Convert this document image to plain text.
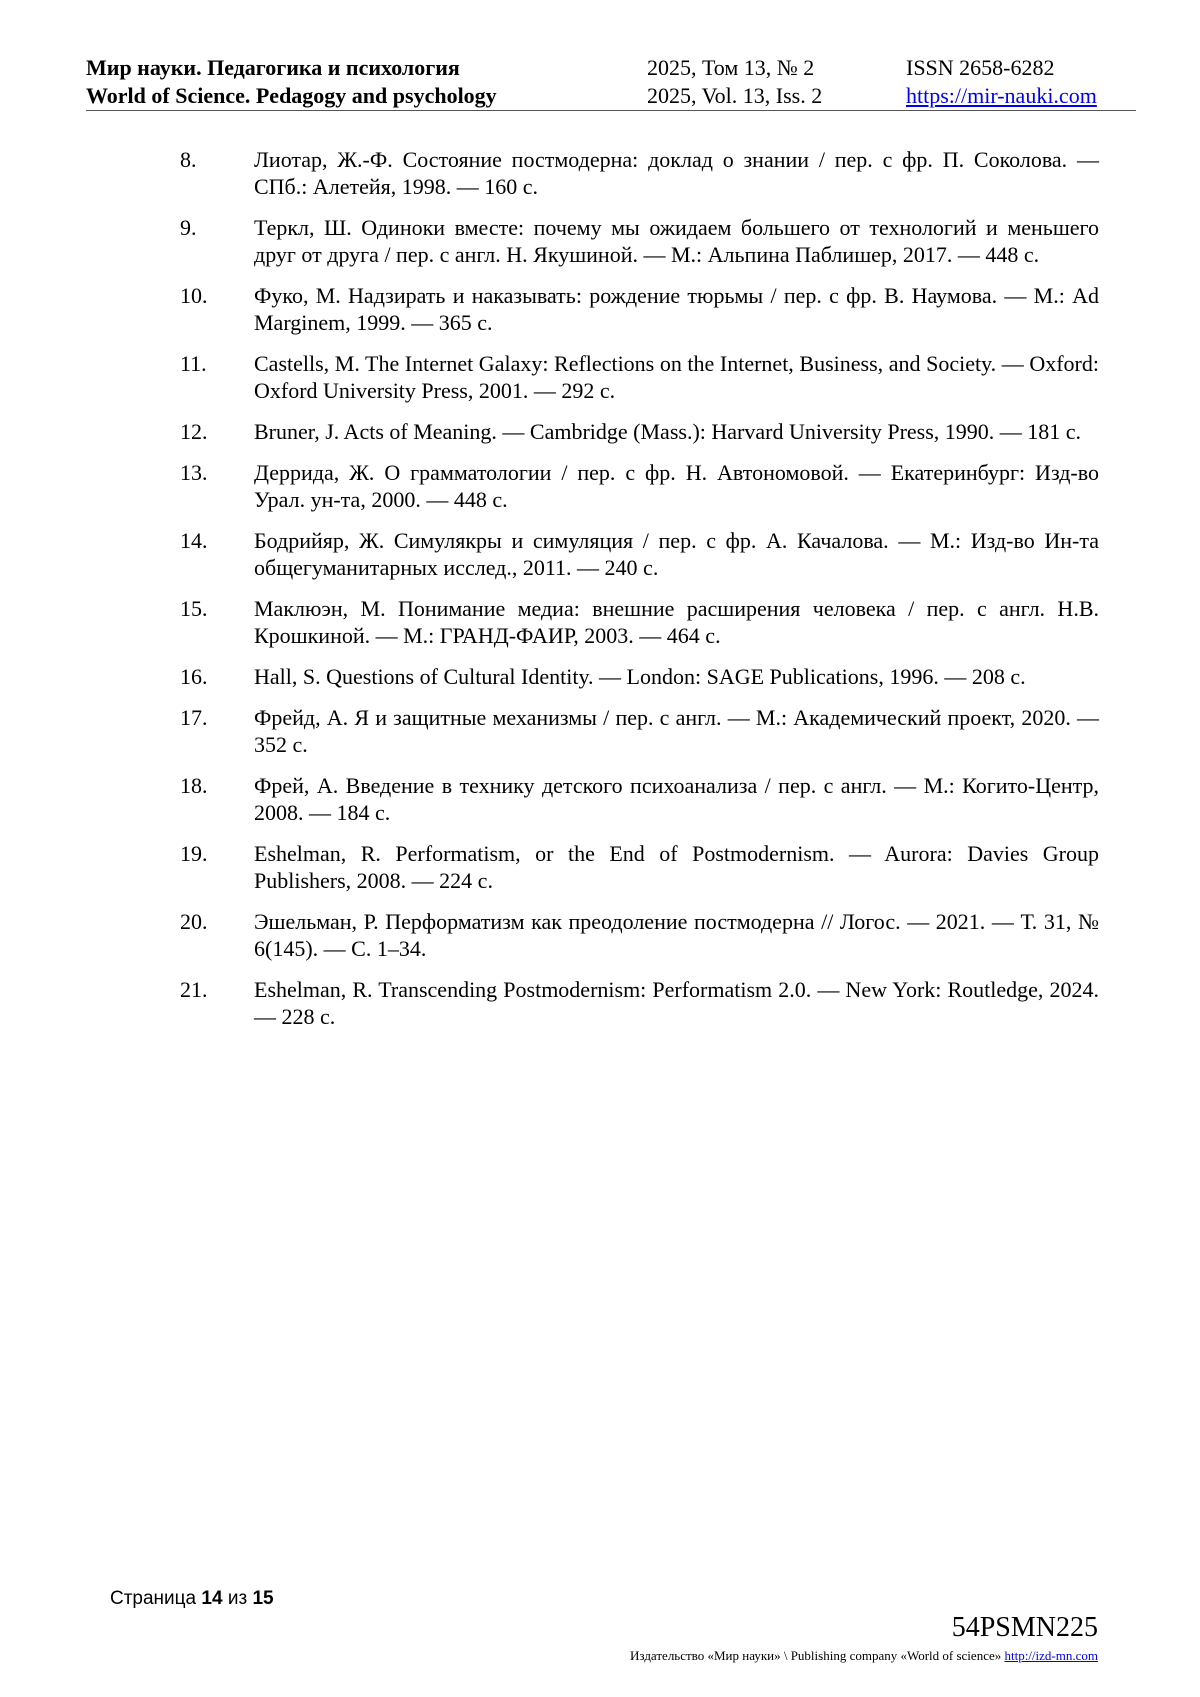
Мир науки. Педагогика и психология
World of Science. Pedagogy and psychology
2025, Том 13, № 2
2025, Vol. 13, Iss. 2
ISSN 2658-6282
https://mir-nauki.com
8.	Лиотар, Ж.-Ф. Состояние постмодерна: доклад о знании / пер. с фр. П. Соколова. — СПб.: Алетейя, 1998. — 160 с.
9.	Теркл, Ш. Одиноки вместе: почему мы ожидаем большего от технологий и меньшего друг от друга / пер. с англ. Н. Якушиной. — М.: Альпина Паблишер, 2017. — 448 с.
10. Фуко, М. Надзирать и наказывать: рождение тюрьмы / пер. с фр. В. Наумова. — М.: Ad Marginem, 1999. — 365 с.
11. Castells, M. The Internet Galaxy: Reflections on the Internet, Business, and Society. — Oxford: Oxford University Press, 2001. — 292 с.
12. Bruner, J. Acts of Meaning. — Cambridge (Mass.): Harvard University Press, 1990. — 181 с.
13. Деррида, Ж. О грамматологии / пер. с фр. Н. Автономовой. — Екатеринбург: Изд-во Урал. ун-та, 2000. — 448 с.
14. Бодрийяр, Ж. Симулякры и симуляция / пер. с фр. А. Качалова. — М.: Изд-во Ин-та общегуманитарных исслед., 2011. — 240 с.
15. Маклюэн, М. Понимание медиа: внешние расширения человека / пер. с англ. Н.В. Крошкиной. — М.: ГРАНД-ФАИР, 2003. — 464 с.
16. Hall, S. Questions of Cultural Identity. — London: SAGE Publications, 1996. — 208 с.
17. Фрейд, А. Я и защитные механизмы / пер. с англ. — М.: Академический проект, 2020. — 352 с.
18. Фрей, А. Введение в технику детского психоанализа / пер. с англ. — М.: Когито-Центр, 2008. — 184 с.
19. Eshelman, R. Performatism, or the End of Postmodernism. — Aurora: Davies Group Publishers, 2008. — 224 с.
20. Эшельман, Р. Перформатизм как преодоление постмодерна // Логос. — 2021. — Т. 31, № 6(145). — С. 1–34.
21. Eshelman, R. Transcending Postmodernism: Performatism 2.0. — New York: Routledge, 2024. — 228 с.
Страница 14 из 15
54PSMN225
Издательство «Мир науки» \ Publishing company «World of science» http://izd-mn.com
